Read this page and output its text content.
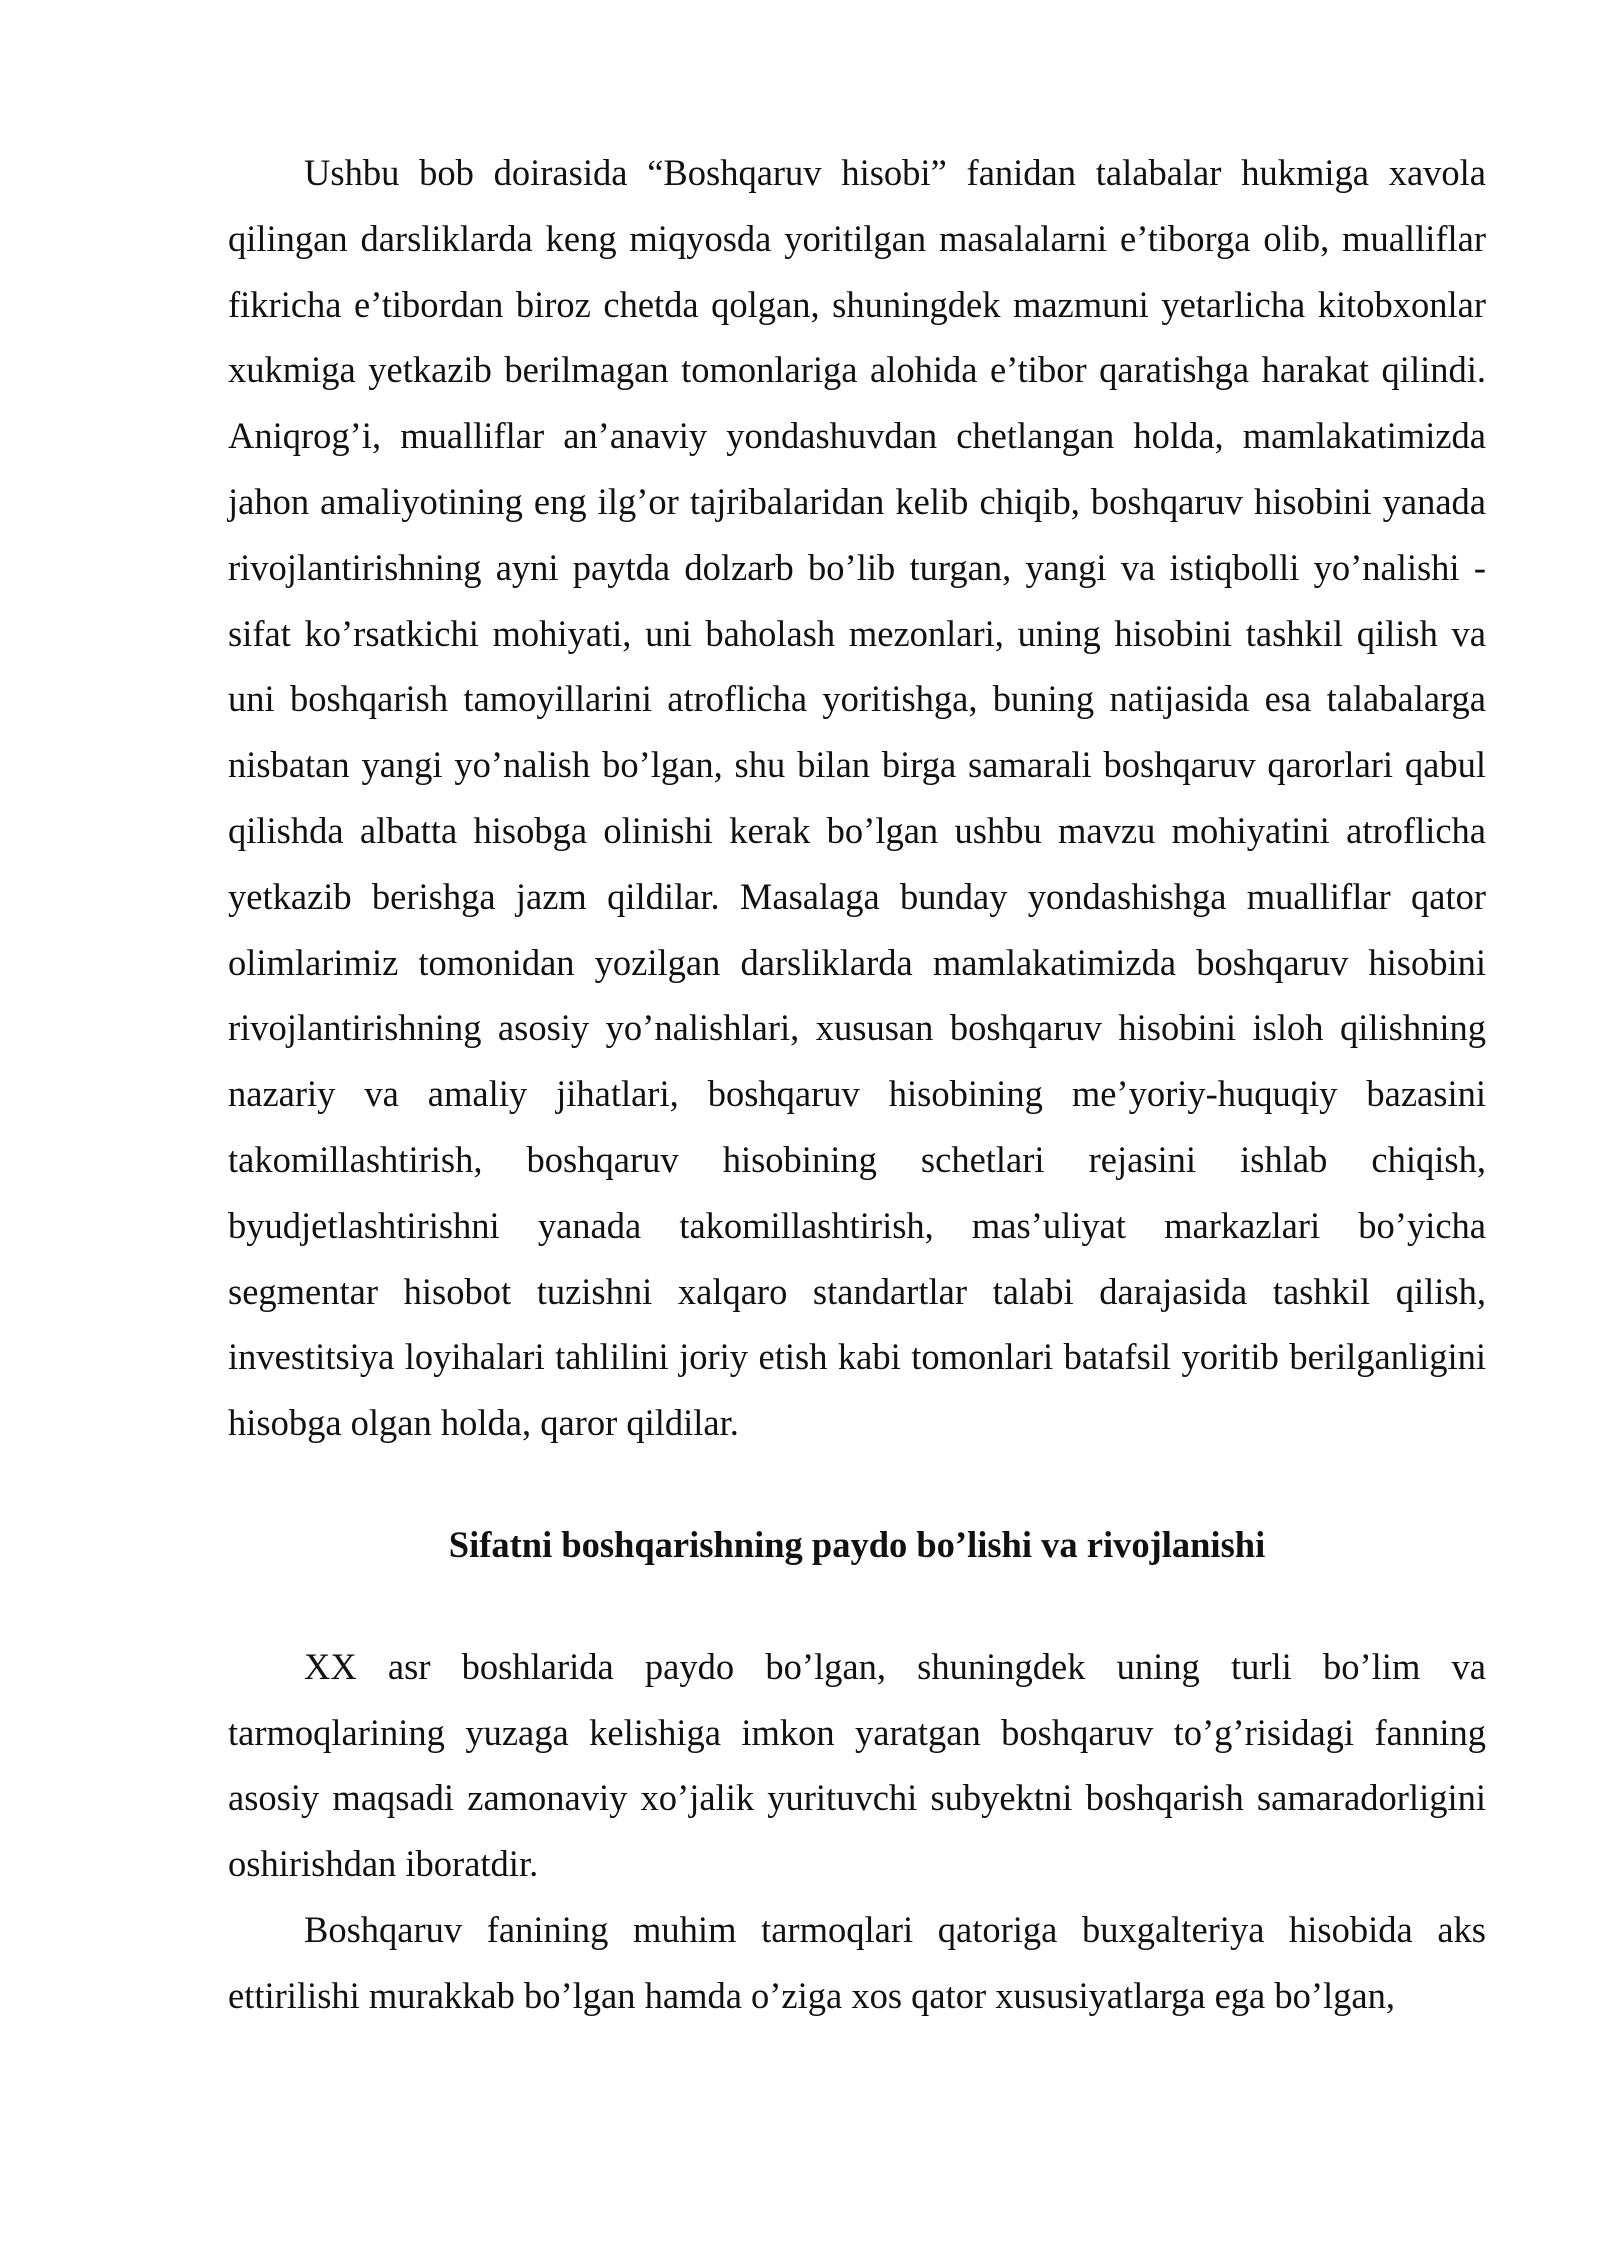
Ushbu bob doirasida “Boshqaruv hisobi” fanidan talabalar hukmiga xavola qilingan darsliklarda keng miqyosda yoritilgan masalalarni e’tiborga olib, mualliflar fikricha e’tibordan biroz chetda qolgan, shuningdek mazmuni yetarlicha kitobxonlar xukmiga yetkazib berilmagan tomonlariga alohida e’tibor qaratishga harakat qilindi. Aniqrog’i, mualliflar an’anaviy yondashuvdan chetlangan holda, mamlakatimizda jahon amaliyotining eng ilg’or tajribalaridan kelib chiqib, boshqaruv hisobini yanada rivojlantirishning ayni paytda dolzarb bo’lib turgan, yangi va istiqbolli yo’nalishi - sifat ko’rsatkichi mohiyati, uni baholash mezonlari, uning hisobini tashkil qilish va uni boshqarish tamoyillarini atroflicha yoritishga, buning natijasida esa talabalarga nisbatan yangi yo’nalish bo’lgan, shu bilan birga samarali boshqaruv qarorlari qabul qilishda albatta hisobga olinishi kerak bo’lgan ushbu mavzu mohiyatini atroflicha yetkazib berishga jazm qildilar. Masalaga bunday yondashishga mualliflar qator olimlarimiz tomonidan yozilgan darsliklarda mamlakatimizda boshqaruv hisobini rivojlantirishning asosiy yo’nalishlari, xususan boshqaruv hisobini isloh qilishning nazariy va amaliy jihatlari, boshqaruv hisobining me’yoriy-huquqiy bazasini takomillashtirish, boshqaruv hisobining schetlari rejasini ishlab chiqish, byudjetlashtirishni yanada takomillashtirish, mas’uliyat markazlari bo’yicha segmentar hisobot tuzishni xalqaro standartlar talabi darajasida tashkil qilish, investitsiya loyihalari tahlilini joriy etish kabi tomonlari batafsil yoritib berilganligini hisobga olgan holda, qaror qildilar.

Sifatni boshqarishning paydo bo’lishi va rivojlanishi

XX asr boshlarida paydo bo’lgan, shuningdek uning turli bo’lim va tarmoqlarining yuzaga kelishiga imkon yaratgan boshqaruv to’g’risidagi fanning asosiy maqsadi zamonaviy xo’jalik yurituvchi subyektni boshqarish samaradorligini oshirishdan iboratdir.

Boshqaruv fanining muhim tarmoqlari qatoriga buxgalteriya hisobida aks ettirilishi murakkab bo’lgan hamda o’ziga xos qator xususiyatlarga ega bo’lgan,
